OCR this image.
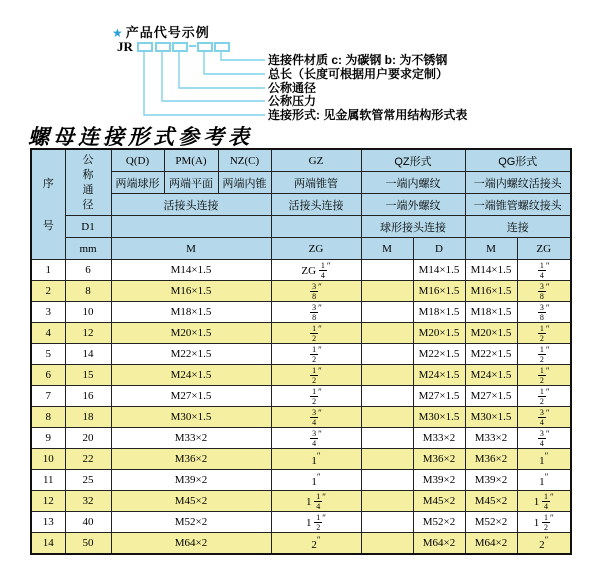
★ 产品代号示例
JR
连接件材质 c: 为碳钢 b: 为不锈钢
总长（长度可根据用户要求定制）
公称通径
公称压力
连接形式: 见金属软管常用结构形式表
螺母连接形式参考表
序号	公称通径	Q(D)	PM(A)	NZ(C)	GZ	QZ形式		QG形式	
		两端球形	两端平面	两端内锥	两端锥管	一端内螺纹		一端内螺纹活接头	
		活接头连接			活接头连接	一端外螺纹		一端锥管螺纹接头	
	D1					球形接头连接		连接	
	mm	M			ZG	M	D	M	ZG
1	6	M14×1.5			ZG $\frac{1}{4} ''$		M14×1.5	M14×1.5	$\frac{1}{4} ''$
2	8	M16×1.5			$\frac{3}{8} ''$		M16×1.5	M16×1.5	$\frac{3}{8} ''$
3	10	M18×1.5			$\frac{3}{8} ''$		M18×1.5	M18×1.5	$\frac{3}{8} ''$
4	12	M20×1.5			$\frac{1}{2} ''$		M20×1.5	M20×1.5	$\frac{1}{2} ''$
5	14	M22×1.5			$\frac{1}{2} ''$		M22×1.5	M22×1.5	$\frac{1}{2} ''$
6	15	M24×1.5			$\frac{1}{2} ''$		M24×1.5	M24×1.5	$\frac{1}{2} ''$
7	16	M27×1.5			$\frac{1}{2} ''$		M27×1.5	M27×1.5	$\frac{1}{2} ''$
8	18	M30×1.5			$\frac{3}{4} ''$		M30×1.5	M30×1.5	$\frac{3}{4} ''$
9	20	M33×2			$\frac{3}{4} ''$		M33×2	M33×2	$\frac{3}{4} ''$
10	22	M36×2			1″		M36×2	M36×2	1″
11	25	M39×2			1″		M39×2	M39×2	1″
12	32	M45×2			$1 \frac{1}{4} ''$		M45×2	M45×2	$1 \frac{1}{4} ''$
13	40	M52×2			$1 \frac{1}{2} ''$		M52×2	M52×2	$1 \frac{1}{2} ''$
14	50	M64×2			2″		M64×2	M64×2	2″
